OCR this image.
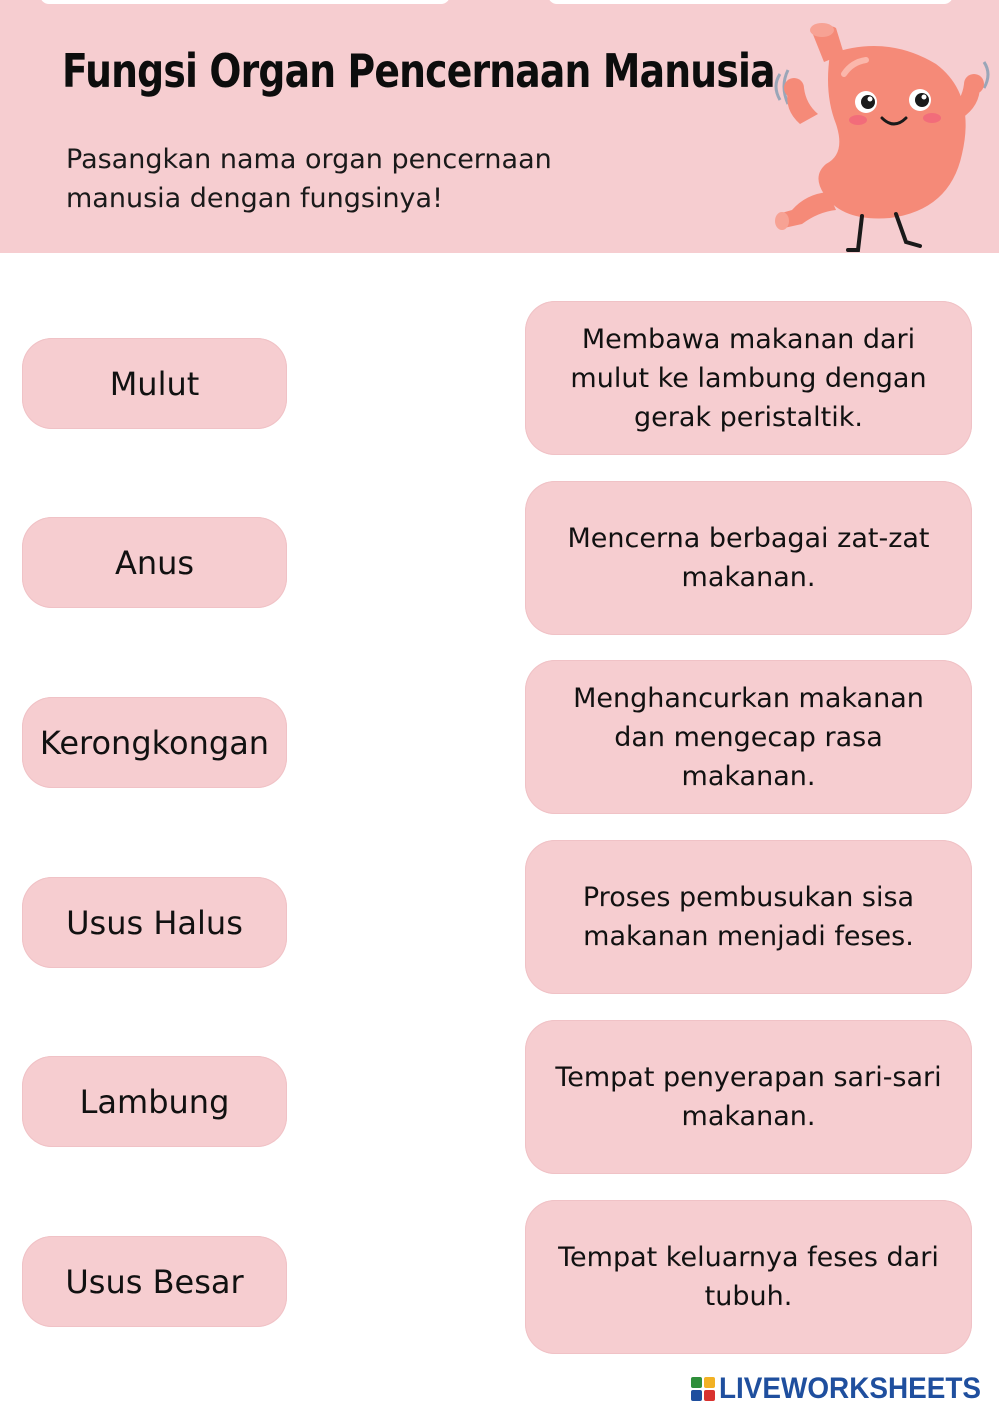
Fungsi Organ Pencernaan Manusia
Pasangkan nama organ pencernaan
manusia dengan fungsinya!
Mulut
Anus
Kerongkongan
Usus Halus
Lambung
Usus Besar
Membawa makanan dari
mulut ke lambung dengan
gerak peristaltik.
Mencerna berbagai zat-zat
makanan.
Menghancurkan makanan
dan mengecap rasa
makanan.
Proses pembusukan sisa
makanan menjadi feses.
Tempat penyerapan sari-sari
makanan.
Tempat keluarnya feses dari
tubuh.
LIVEWORKSHEETS
